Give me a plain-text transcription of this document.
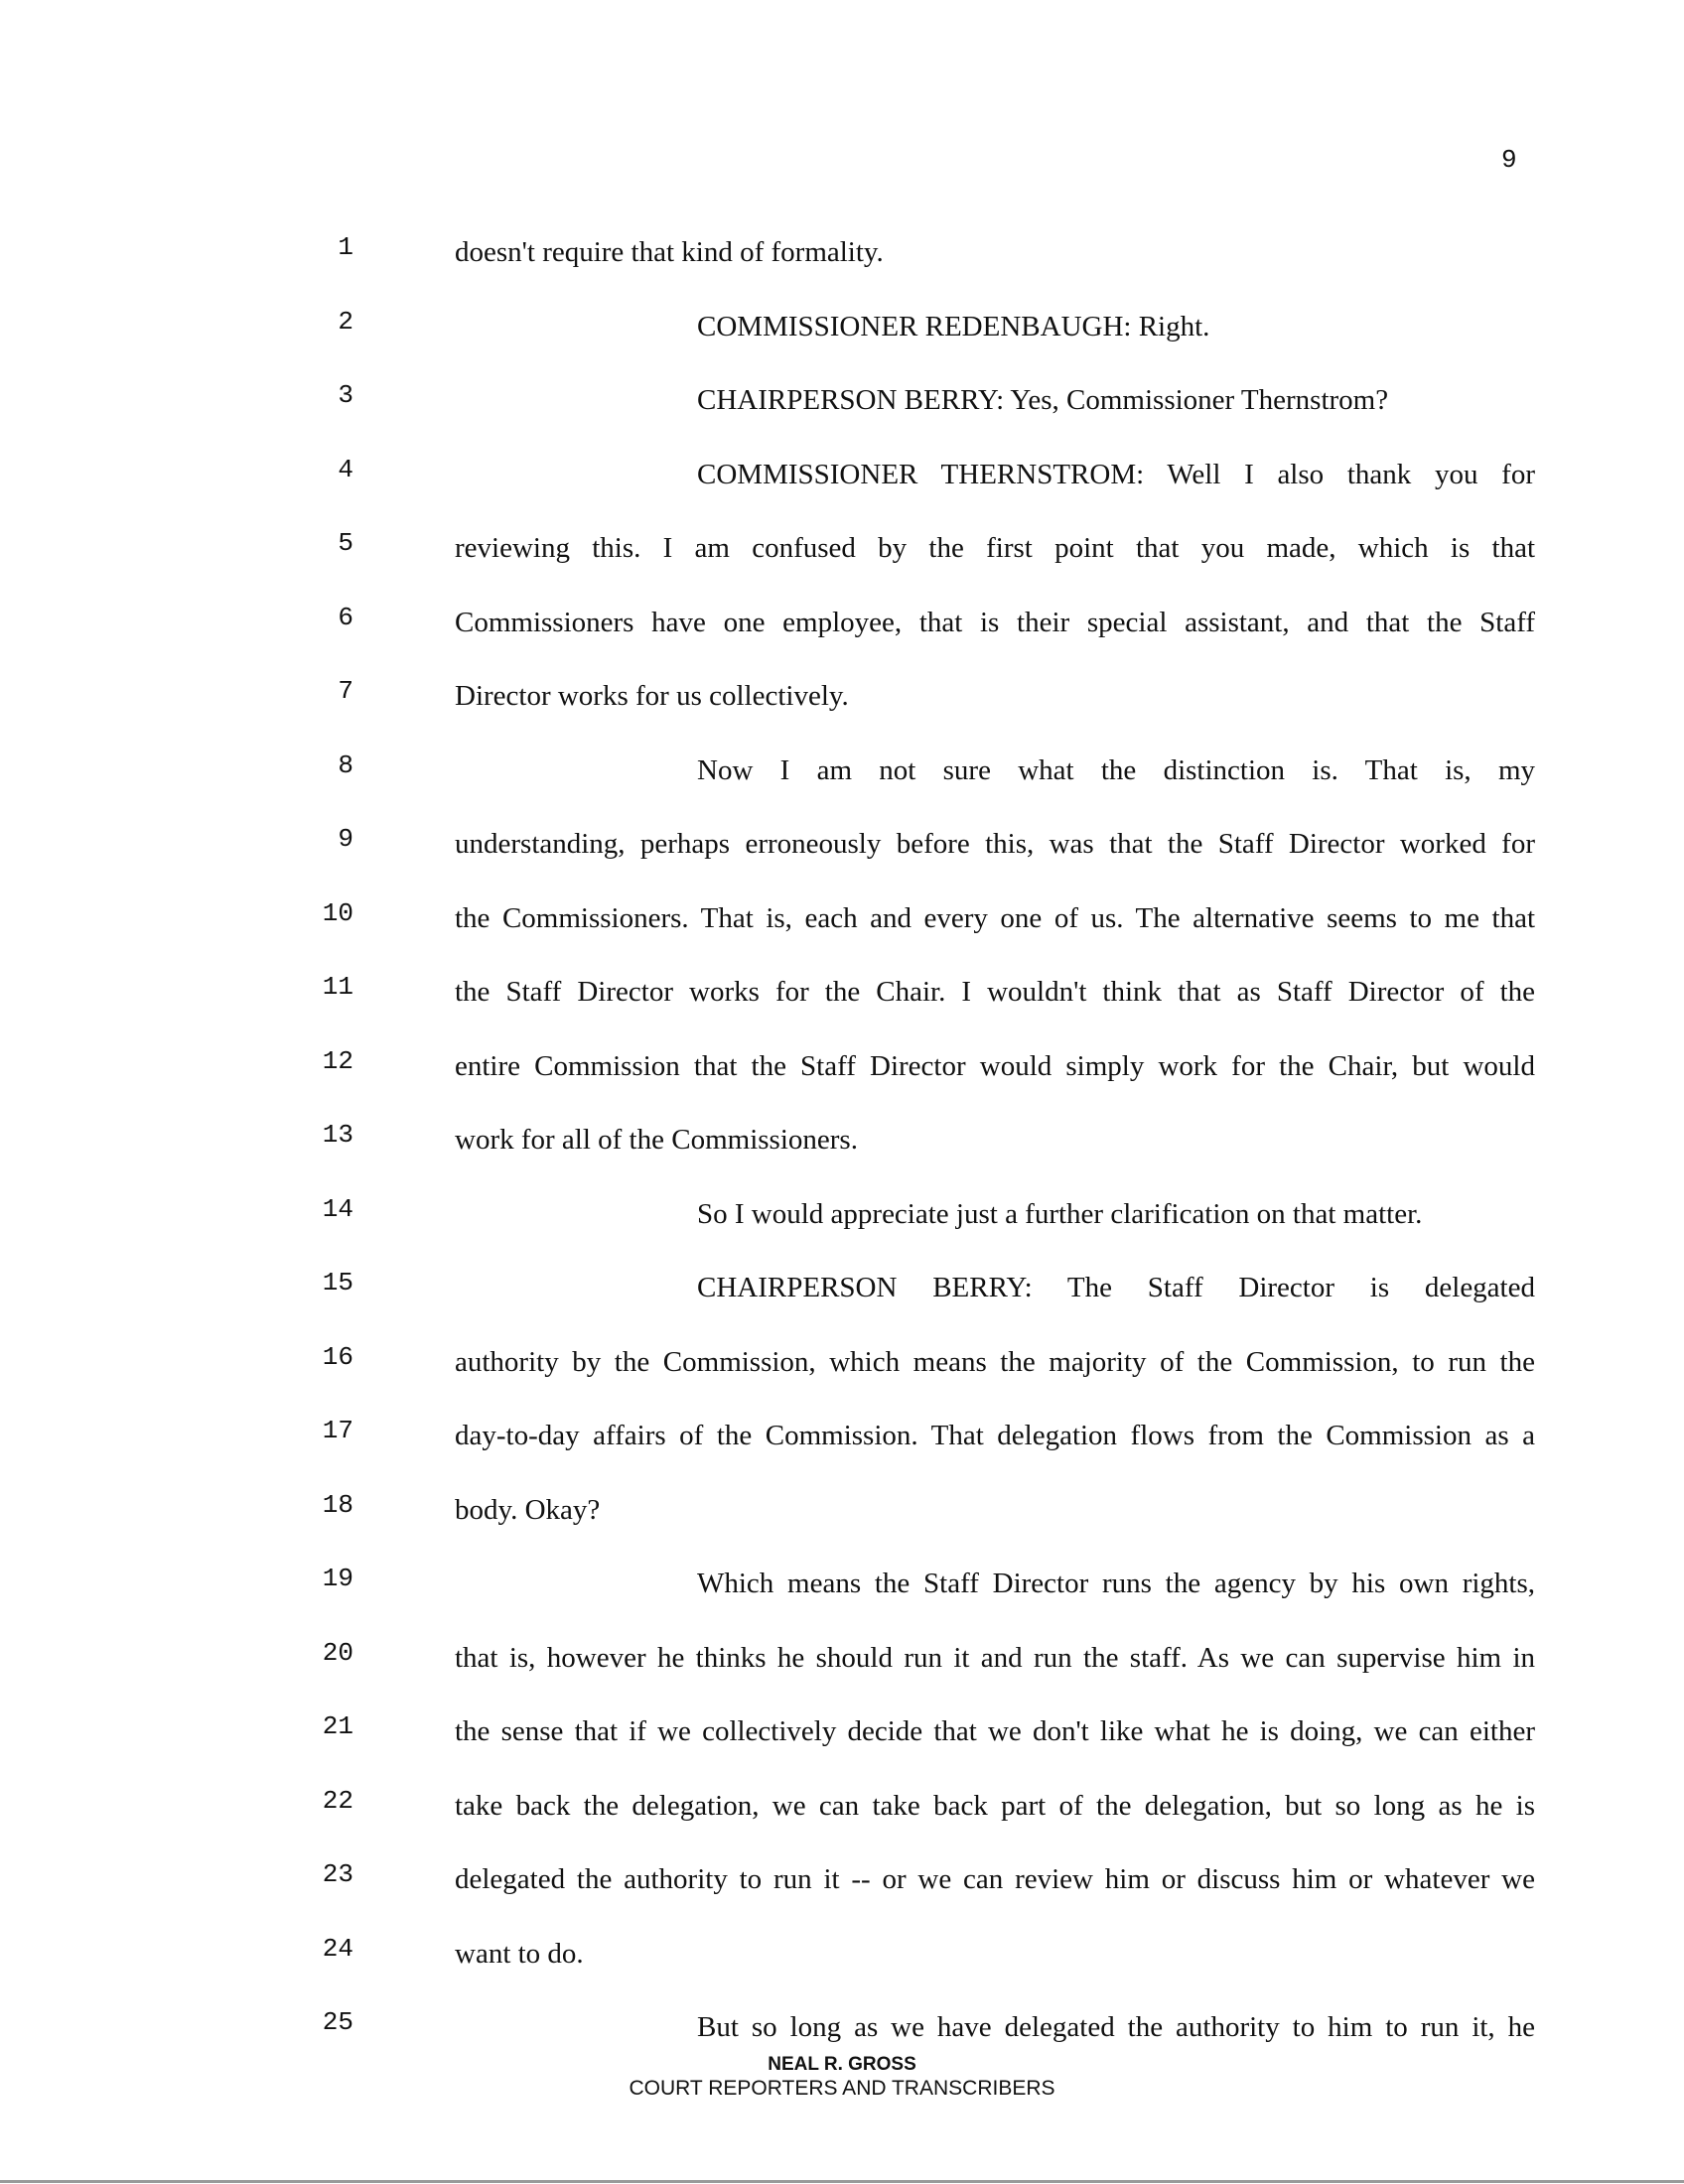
9
1	doesn't require that kind of formality.
2	COMMISSIONER REDENBAUGH: Right.
3	CHAIRPERSON BERRY: Yes, Commissioner Thernstrom?
4	COMMISSIONER THERNSTROM: Well I also thank you for
5	reviewing this. I am confused by the first point that you made, which is that
6	Commissioners have one employee, that is their special assistant, and that the Staff
7	Director works for us collectively.
8	Now I am not sure what the distinction is. That is, my
9	understanding, perhaps erroneously before this, was that the Staff Director worked for
10	the Commissioners. That is, each and every one of us. The alternative seems to me that
11	the Staff Director works for the Chair. I wouldn't think that as Staff Director of the
12	entire Commission that the Staff Director would simply work for the Chair, but would
13	work for all of the Commissioners.
14	So I would appreciate just a further clarification on that matter.
15	CHAIRPERSON BERRY: The Staff Director is delegated
16	authority by the Commission, which means the majority of the Commission, to run the
17	day-to-day affairs of the Commission. That delegation flows from the Commission as a
18	body. Okay?
19	Which means the Staff Director runs the agency by his own rights,
20	that is, however he thinks he should run it and run the staff. As we can supervise him in
21	the sense that if we collectively decide that we don't like what he is doing, we can either
22	take back the delegation, we can take back part of the delegation, but so long as he is
23	delegated the authority to run it -- or we can review him or discuss him or whatever we
24	want to do.
25	But so long as we have delegated the authority to him to run it, he
NEAL R. GROSS
COURT REPORTERS AND TRANSCRIBERS
